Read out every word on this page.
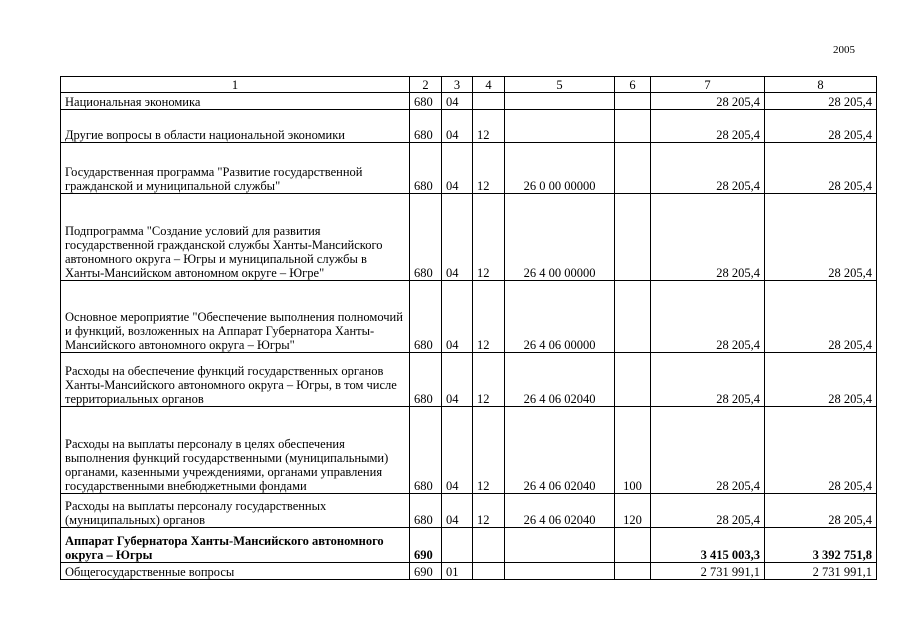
2005
1	2	3	4	5	6	7	8
Национальная экономика	680	04				28 205,4	28 205,4
Другие вопросы в области национальной экономики	680	04	12			28 205,4	28 205,4
Государственная программа "Развитие государственной гражданской и муниципальной службы"	680	04	12	26 0 00 00000		28 205,4	28 205,4
Подпрограмма "Создание условий для развития государственной гражданской службы Ханты-Мансийского автономного округа – Югры и муниципальной службы в Ханты-Мансийском автономном округе – Югре"	680	04	12	26 4 00 00000		28 205,4	28 205,4
Основное мероприятие "Обеспечение выполнения полномочий и функций, возложенных на Аппарат Губернатора Ханты-Мансийского автономного округа – Югры"	680	04	12	26 4 06 00000		28 205,4	28 205,4
Расходы на обеспечение функций государственных органов Ханты-Мансийского автономного округа – Югры, в том числе территориальных органов	680	04	12	26 4 06 02040		28 205,4	28 205,4
Расходы на выплаты персоналу в целях обеспечения выполнения функций государственными (муниципальными) органами, казенными учреждениями, органами управления государственными внебюджетными фондами	680	04	12	26 4 06 02040	100	28 205,4	28 205,4
Расходы на выплаты персоналу государственных (муниципальных) органов	680	04	12	26 4 06 02040	120	28 205,4	28 205,4
Аппарат Губернатора Ханты-Мансийского автономного округа – Югры	690					3 415 003,3	3 392 751,8
Общегосударственные вопросы	690	01				2 731 991,1	2 731 991,1
